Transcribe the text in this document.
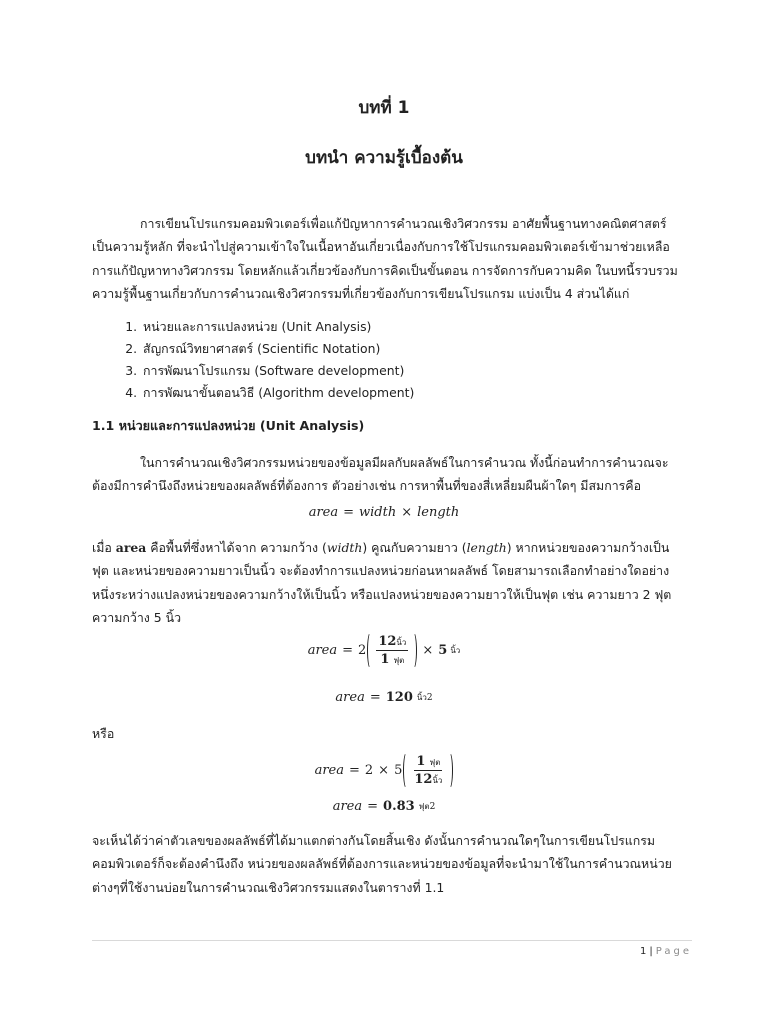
บทที่ 1
บทนำ ความรู้เบื้องต้น

การเขียนโปรแกรมคอมพิวเตอร์เพื่อแก้ปัญหาการคำนวณเชิงวิศวกรรม อาศัยพื้นฐานทางคณิตศาสตร์เป็นความรู้หลัก ที่จะนำไปสู่ความเข้าใจในเนื้อหาอันเกี่ยวเนื่องกับการใช้โปรแกรมคอมพิวเตอร์เข้ามาช่วยเหลือการแก้ปัญหาทางวิศวกรรม โดยหลักแล้วเกี่ยวข้องกับการคิดเป็นขั้นตอน การจัดการกับความคิด ในบทนี้รวบรวมความรู้พื้นฐานเกี่ยวกับการคำนวณเชิงวิศวกรรมที่เกี่ยวข้องกับการเขียนโปรแกรม แบ่งเป็น 4 ส่วนได้แก่

1. หน่วยและการแปลงหน่วย (Unit Analysis)
2. สัญกรณ์วิทยาศาสตร์ (Scientific Notation)
3. การพัฒนาโปรแกรม (Software development)
4. การพัฒนาขั้นตอนวิธี (Algorithm development)
1.1 หน่วยและการแปลงหน่วย (Unit Analysis)

ในการคำนวณเชิงวิศวกรรมหน่วยของข้อมูลมีผลกับผลลัพธ์ในการคำนวณ ทั้งนี้ก่อนทำการคำนวณจะต้องมีการคำนึงถึงหน่วยของผลลัพธ์ที่ต้องการ ตัวอย่างเช่น การหาพื้นที่ของสี่เหลี่ยมผืนผ้าใดๆ มีสมการคือ

area = width × length

เมื่อ area คือพื้นที่ซึ่งหาได้จาก ความกว้าง (width) คูณกับความยาว (length) หากหน่วยของความกว้างเป็นฟุต และหน่วยของความยาวเป็นนิ้ว จะต้องทำการแปลงหน่วยก่อนหาผลลัพธ์ โดยสามารถเลือกทำอย่างใดอย่างหนึ่งระหว่างแปลงหน่วยของความกว้างให้เป็นนิ้ว หรือแปลงหน่วยของความยาวให้เป็นฟุต เช่น ความยาว 2 ฟุต ความกว้าง 5 นิ้ว

area = $2 \frac{\text{12นิ้ว}}{\text{1 ฟุต}} \times 5$ นิ้ว
area = 120 นิ้ว 2

หรือ

area = $2 \times 5 \frac{\text{1 ฟุต}}{\text{12นิ้ว}}$
area = 0.83 ฟุต 2

จะเห็นได้ว่าค่าตัวเลขของผลลัพธ์ที่ได้มาแตกต่างกันโดยสิ้นเชิง ดังนั้นการคำนวณใดๆในการเขียนโปรแกรมคอมพิวเตอร์ก็จะต้องคำนึงถึง หน่วยของผลลัพธ์ที่ต้องการและหน่วยของข้อมูลที่จะนำมาใช้ในการคำนวณหน่วยต่างๆที่ใช้งานบ่อยในการคำนวณเชิงวิศวกรรมแสดงในตารางที่ 1.1

1 | Page
